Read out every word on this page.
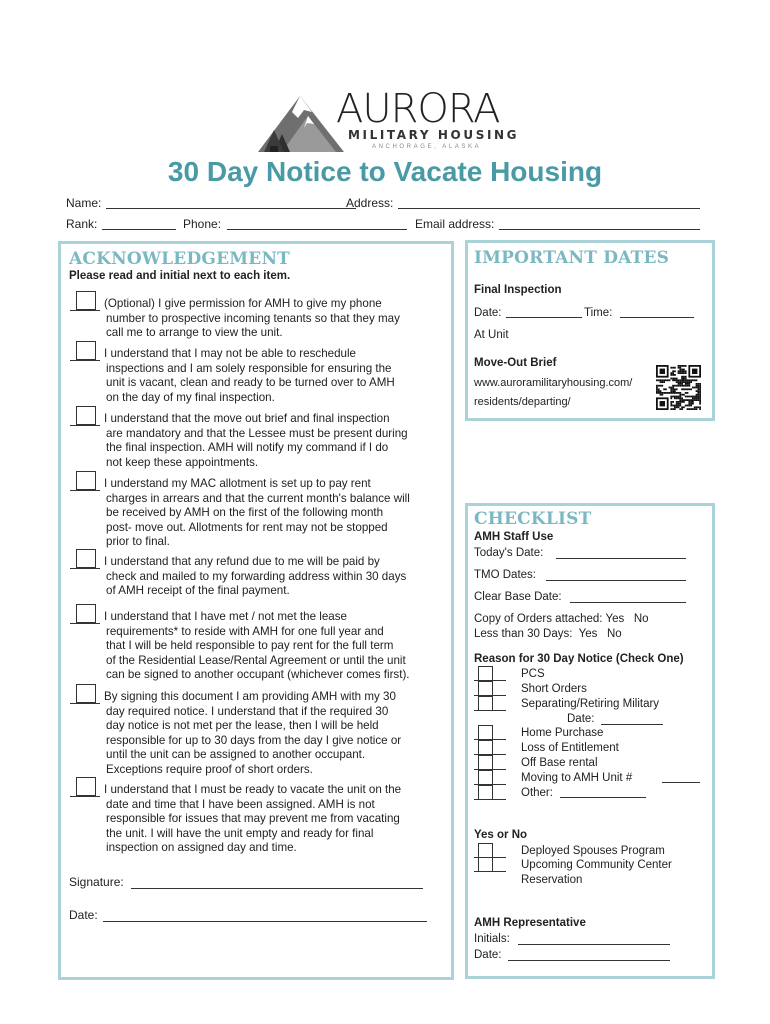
AURORA
MILITARY HOUSING
ANCHORAGE, ALASKA
30 Day Notice to Vacate Housing
Name:	Address:
Rank:	Phone:	Email address:
ACKNOWLEDGEMENT
Please read and initial next to each item.
(Optional) I give permission for AMH to give my phone
number to prospective incoming tenants so that they may
call me to arrange to view the unit.
I understand that I may not be able to reschedule
inspections and I am solely responsible for ensuring the
unit is vacant, clean and ready to be turned over to AMH
on the day of my final inspection.
I understand that the move out brief and final inspection
are mandatory and that the Lessee must be present during
the final inspection. AMH will notify my command if I do
not keep these appointments.
I understand my MAC allotment is set up to pay rent
charges in arrears and that the current month's balance will
be received by AMH on the first of the following month
post- move out. Allotments for rent may not be stopped
prior to final.
I understand that any refund due to me will be paid by
check and mailed to my forwarding address within 30 days
of AMH receipt of the final payment.
I understand that I have met / not met the lease
requirements* to reside with AMH for one full year and
that I will be held responsible to pay rent for the full term
of the Residential Lease/Rental Agreement or until the unit
can be signed to another occupant (whichever comes first).
By signing this document I am providing AMH with my 30
day required notice. I understand that if the required 30
day notice is not met per the lease, then I will be held
responsible for up to 30 days from the day I give notice or
until the unit can be assigned to another occupant.
Exceptions require proof of short orders.
I understand that I must be ready to vacate the unit on the
date and time that I have been assigned. AMH is not
responsible for issues that may prevent me from vacating
the unit. I will have the unit empty and ready for final
inspection on assigned day and time.
Signature:
Date:
IMPORTANT DATES
Final Inspection
Date:	Time:
At Unit
Move-Out Brief
www.auroramilitaryhousing.com/
residents/departing/
CHECKLIST
AMH Staff Use
Today's Date:
TMO Dates:
Clear Base Date:
Copy of Orders attached: Yes   No
Less than 30 Days:  Yes   No
Reason for 30 Day Notice (Check One)
PCS
Short Orders
Separating/Retiring Military
Date:
Home Purchase
Loss of Entitlement
Off Base rental
Moving to AMH Unit #
Other:
Yes or No
Deployed Spouses Program
Upcoming Community Center
Reservation
AMH Representative
Initials:
Date:
